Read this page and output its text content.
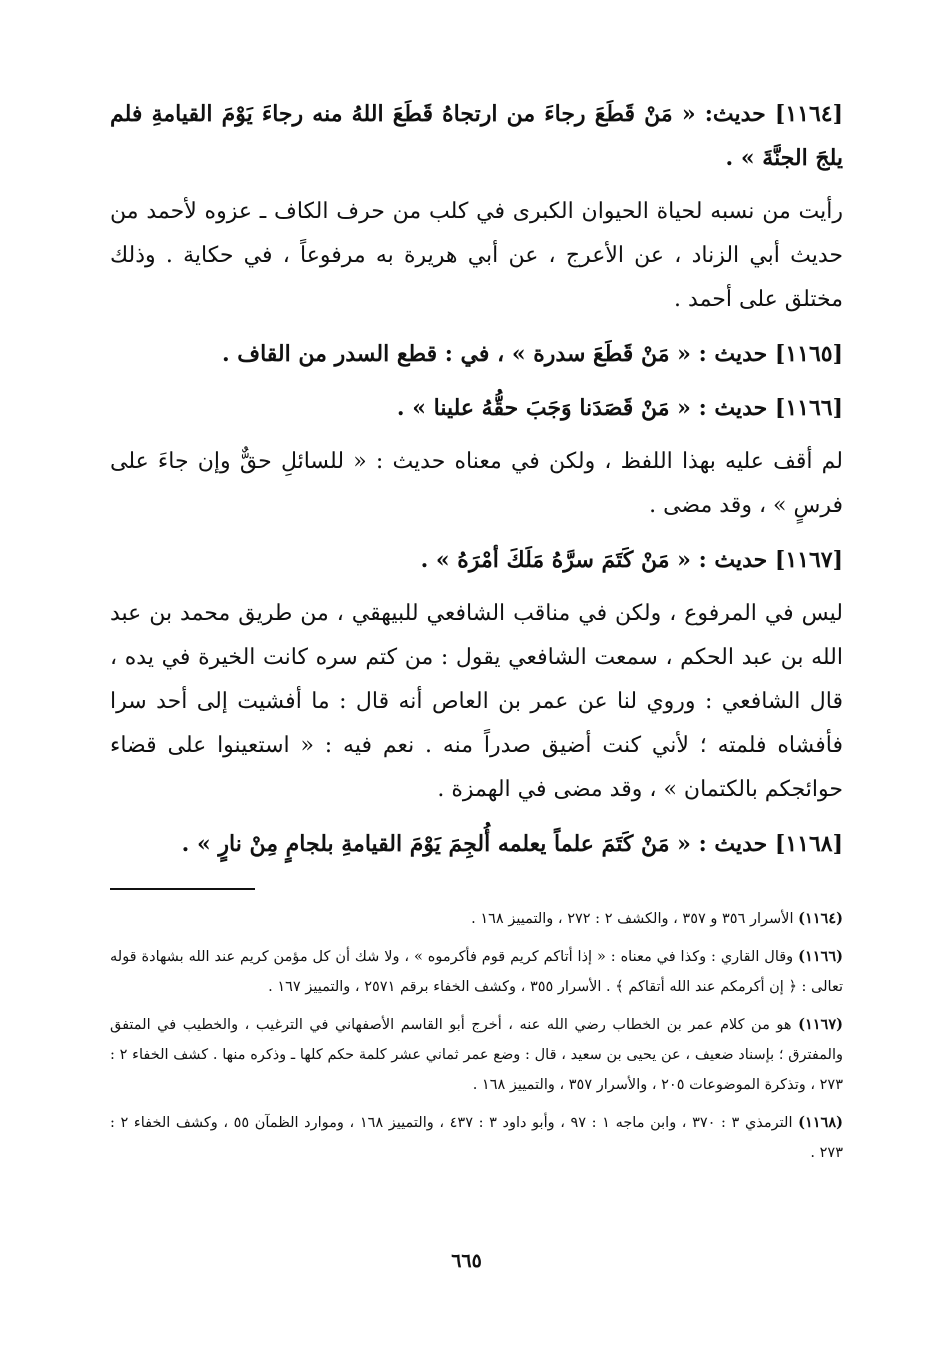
[١١٦٤] حديث: « مَنْ قَطَعَ رجاءَ من ارتجاهُ قَطَعَ اللهُ منه رجاءَ يَوْمَ القيامةِ فلم يلجَ الجنَّةَ » .

رأيت من نسبه لحياة الحيوان الكبرى في كلب من حرف الكاف ـ عزوه لأحمد من حديث أبي الزناد ، عن الأعرج ، عن أبي هريرة به مرفوعاً ، في حكاية . وذلك مختلق على أحمد .

[١١٦٥] حديث : « مَنْ قَطَعَ سدرة » ، في : قطع السدر من القاف .

[١١٦٦] حديث : « مَنْ قَصَدَنا وَجَبَ حقُّهُ علينا » .

لم أقف عليه بهذا اللفظ ، ولكن في معناه حديث : « للسائلِ حقٌّ وإن جاءَ على فرسٍ » ، وقد مضى .

[١١٦٧] حديث : « مَنْ كَتَمَ سرَّهُ مَلَكَ أمْرَهُ » .

ليس في المرفوع ، ولكن في مناقب الشافعي للبيهقي ، من طريق محمد بن عبد الله بن عبد الحكم ، سمعت الشافعي يقول : من كتم سره كانت الخيرة في يده ، قال الشافعي : وروي لنا عن عمر بن العاص أنه قال : ما أفشيت إلى أحد سرا فأفشاه فلمته ؛ لأني كنت أضيق صدراً منه . نعم فيه : « استعينوا على قضاء حوائجكم بالكتمان » ، وقد مضى في الهمزة .

[١١٦٨] حديث : « مَنْ كَتَمَ علماً يعلمه أُلجِمَ يَوْمَ القيامةِ بلجامٍ مِنْ نارٍ » .

(١١٦٤) الأسرار ٣٥٦ و ٣٥٧ ، والكشف ٢ : ٢٧٢ ، والتمييز ١٦٨ .

(١١٦٦) وقال القاري : وكذا في معناه : « إذا أتاكم كريم قوم فأكرموه » ، ولا شك أن كل مؤمن كريم عند الله بشهادة قوله تعالى : ﴿ إن أكرمكم عند الله أتقاكم ﴾ . الأسرار ٣٥٥ ، وكشف الخفاء برقم ٢٥٧١ ، والتمييز ١٦٧ .

(١١٦٧) هو من كلام عمر بن الخطاب رضي الله عنه ، أخرج أبو القاسم الأصفهاني في الترغيب ، والخطيب في المتفق والمفترق ؛ بإسناد ضعيف ، عن يحيى بن سعيد ، قال : وضع عمر ثماني عشر كلمة حكم كلها ـ وذكره منها . كشف الخفاء ٢ : ٢٧٣ ، وتذكرة الموضوعات ٢٠٥ ، والأسرار ٣٥٧ ، والتمييز ١٦٨ .

(١١٦٨) الترمذي ٣ : ٣٧٠ ، وابن ماجه ١ : ٩٧ ، وأبو داود ٣ : ٤٣٧ ، والتمييز ١٦٨ ، وموارد الظمآن ٥٥ ، وكشف الخفاء ٢ : ٢٧٣ .

٦٦٥
